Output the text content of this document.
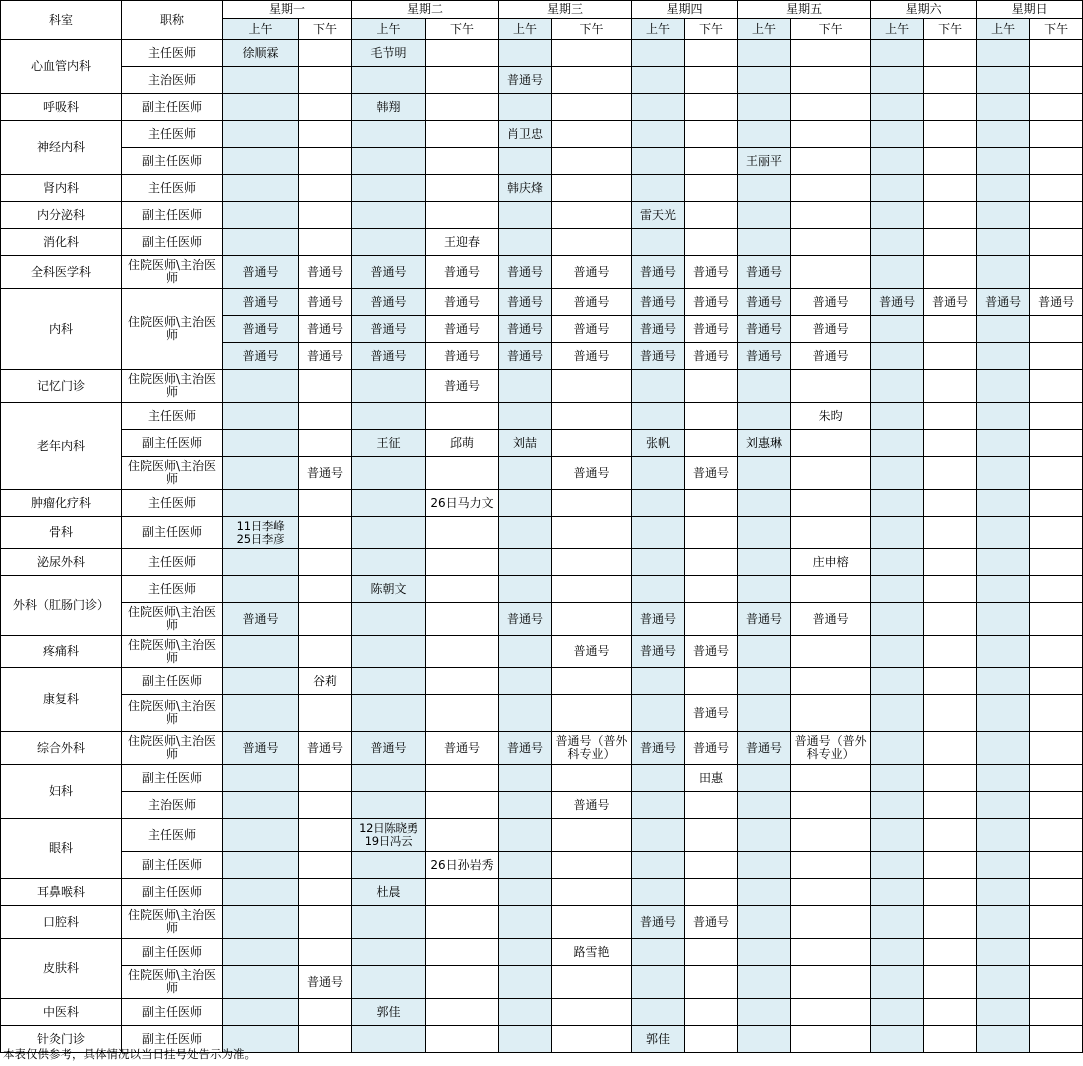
科室	职称	星期一		星期二		星期三		星期四		星期五		星期六		星期日	
		上午	下午	上午	下午	上午	下午	上午	下午	上午	下午	上午	下午	上午	下午
心血管内科	主任医师	徐顺霖		毛节明											
	主治医师					普通号									
呼吸科	副主任医师			韩翔											
神经内科	主任医师					肖卫忠									
	副主任医师									王丽平					
肾内科	主任医师					韩庆烽									
内分泌科	副主任医师							雷天光							
消化科	副主任医师				王迎春										
全科医学科	住院医师\主治医师	普通号	普通号	普通号	普通号	普通号	普通号	普通号	普通号	普通号					
内科	住院医师\主治医师	普通号	普通号	普通号	普通号	普通号	普通号	普通号	普通号	普通号	普通号	普通号	普通号	普通号	普通号
		普通号	普通号	普通号	普通号	普通号	普通号	普通号	普通号	普通号	普通号				
		普通号	普通号	普通号	普通号	普通号	普通号	普通号	普通号	普通号	普通号				
记忆门诊	住院医师\主治医师				普通号										
老年内科	主任医师										朱昀				
	副主任医师			王征	邱萌	刘喆		张帆		刘惠琳					
	住院医师\主治医师		普通号				普通号		普通号						
肿瘤化疗科	主任医师				26日马力文										
骨科	副主任医师	11日李峰
25日李彦													
泌尿外科	主任医师										庄申榕				
外科（肛肠门诊）	主任医师			陈朝文											
	住院医师\主治医师	普通号				普通号		普通号		普通号	普通号				
疼痛科	住院医师\主治医师						普通号	普通号	普通号						
康复科	副主任医师		谷莉												
	住院医师\主治医师								普通号						
综合外科	住院医师\主治医师	普通号	普通号	普通号	普通号	普通号	普通号（普外科专业）	普通号	普通号	普通号	普通号（普外科专业）				
妇科	副主任医师								田惠						
	主治医师						普通号								
眼科	主任医师			12日陈晓勇
19日冯云											
	副主任医师				26日孙岩秀										
耳鼻喉科	副主任医师			杜晨											
口腔科	住院医师\主治医师							普通号	普通号						
皮肤科	副主任医师						路雪艳								
	住院医师\主治医师		普通号												
中医科	副主任医师			郭佳											
针灸门诊	副主任医师							郭佳							
本表仅供参考，具体情况以当日挂号处告示为准。
